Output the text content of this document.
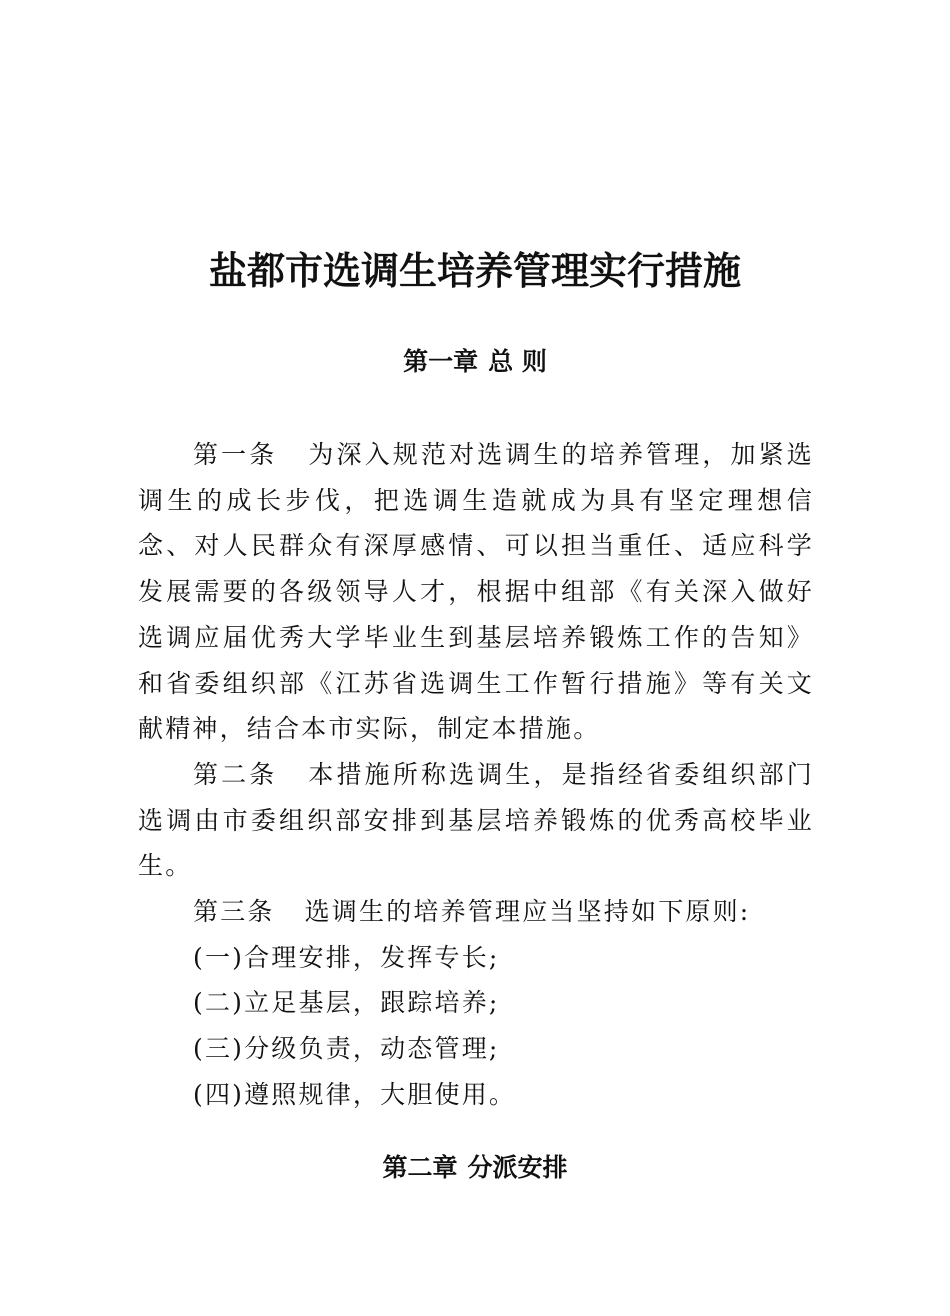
盐都市选调生培养管理实行措施
第一章 总 则

第一条 为深入规范对选调生的培养管理，加紧选调生的成长步伐，把选调生造就成为具有坚定理想信念、对人民群众有深厚感情、可以担当重任、适应科学发展需要的各级领导人才，根据中组部《有关深入做好选调应届优秀大学毕业生到基层培养锻炼工作的告知》和省委组织部《江苏省选调生工作暂行措施》等有关文献精神，结合本市实际，制定本措施。

第二条 本措施所称选调生，是指经省委组织部门选调由市委组织部安排到基层培养锻炼的优秀高校毕业生。

第三条 选调生的培养管理应当坚持如下原则:

(一)合理安排，发挥专长;

(二)立足基层，跟踪培养;

(三)分级负责，动态管理;

(四)遵照规律，大胆使用。

第二章 分派安排
